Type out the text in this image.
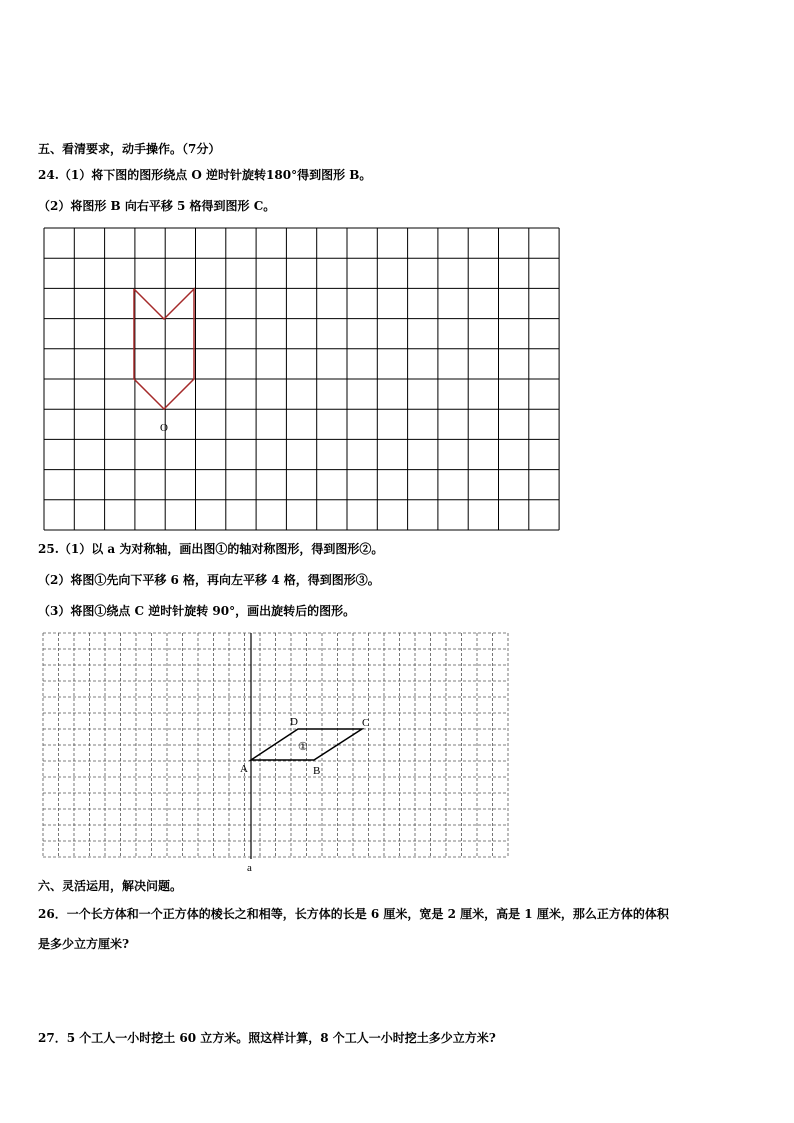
五、看清要求，动手操作。（7分）
24.（1）将下图的图形绕点 O 逆时针旋转180°得到图形 B。
（2）将图形 B 向右平移 5 格得到图形 C。
O
25.（1）以 a 为对称轴，画出图①的轴对称图形，得到图形②。
（2）将图①先向下平移 6 格，再向左平移 4 格，得到图形③。
（3）将图①绕点 C 逆时针旋转 90°，画出旋转后的图形。
a
A	B
C
D
①
六、灵活运用，解决问题。
26．一个长方体和一个正方体的棱长之和相等，长方体的长是 6 厘米，宽是 2 厘米，高是 1 厘米，那么正方体的体积
是多少立方厘米?
27．5 个工人一小时挖土 60 立方米。照这样计算，8 个工人一小时挖土多少立方米?
